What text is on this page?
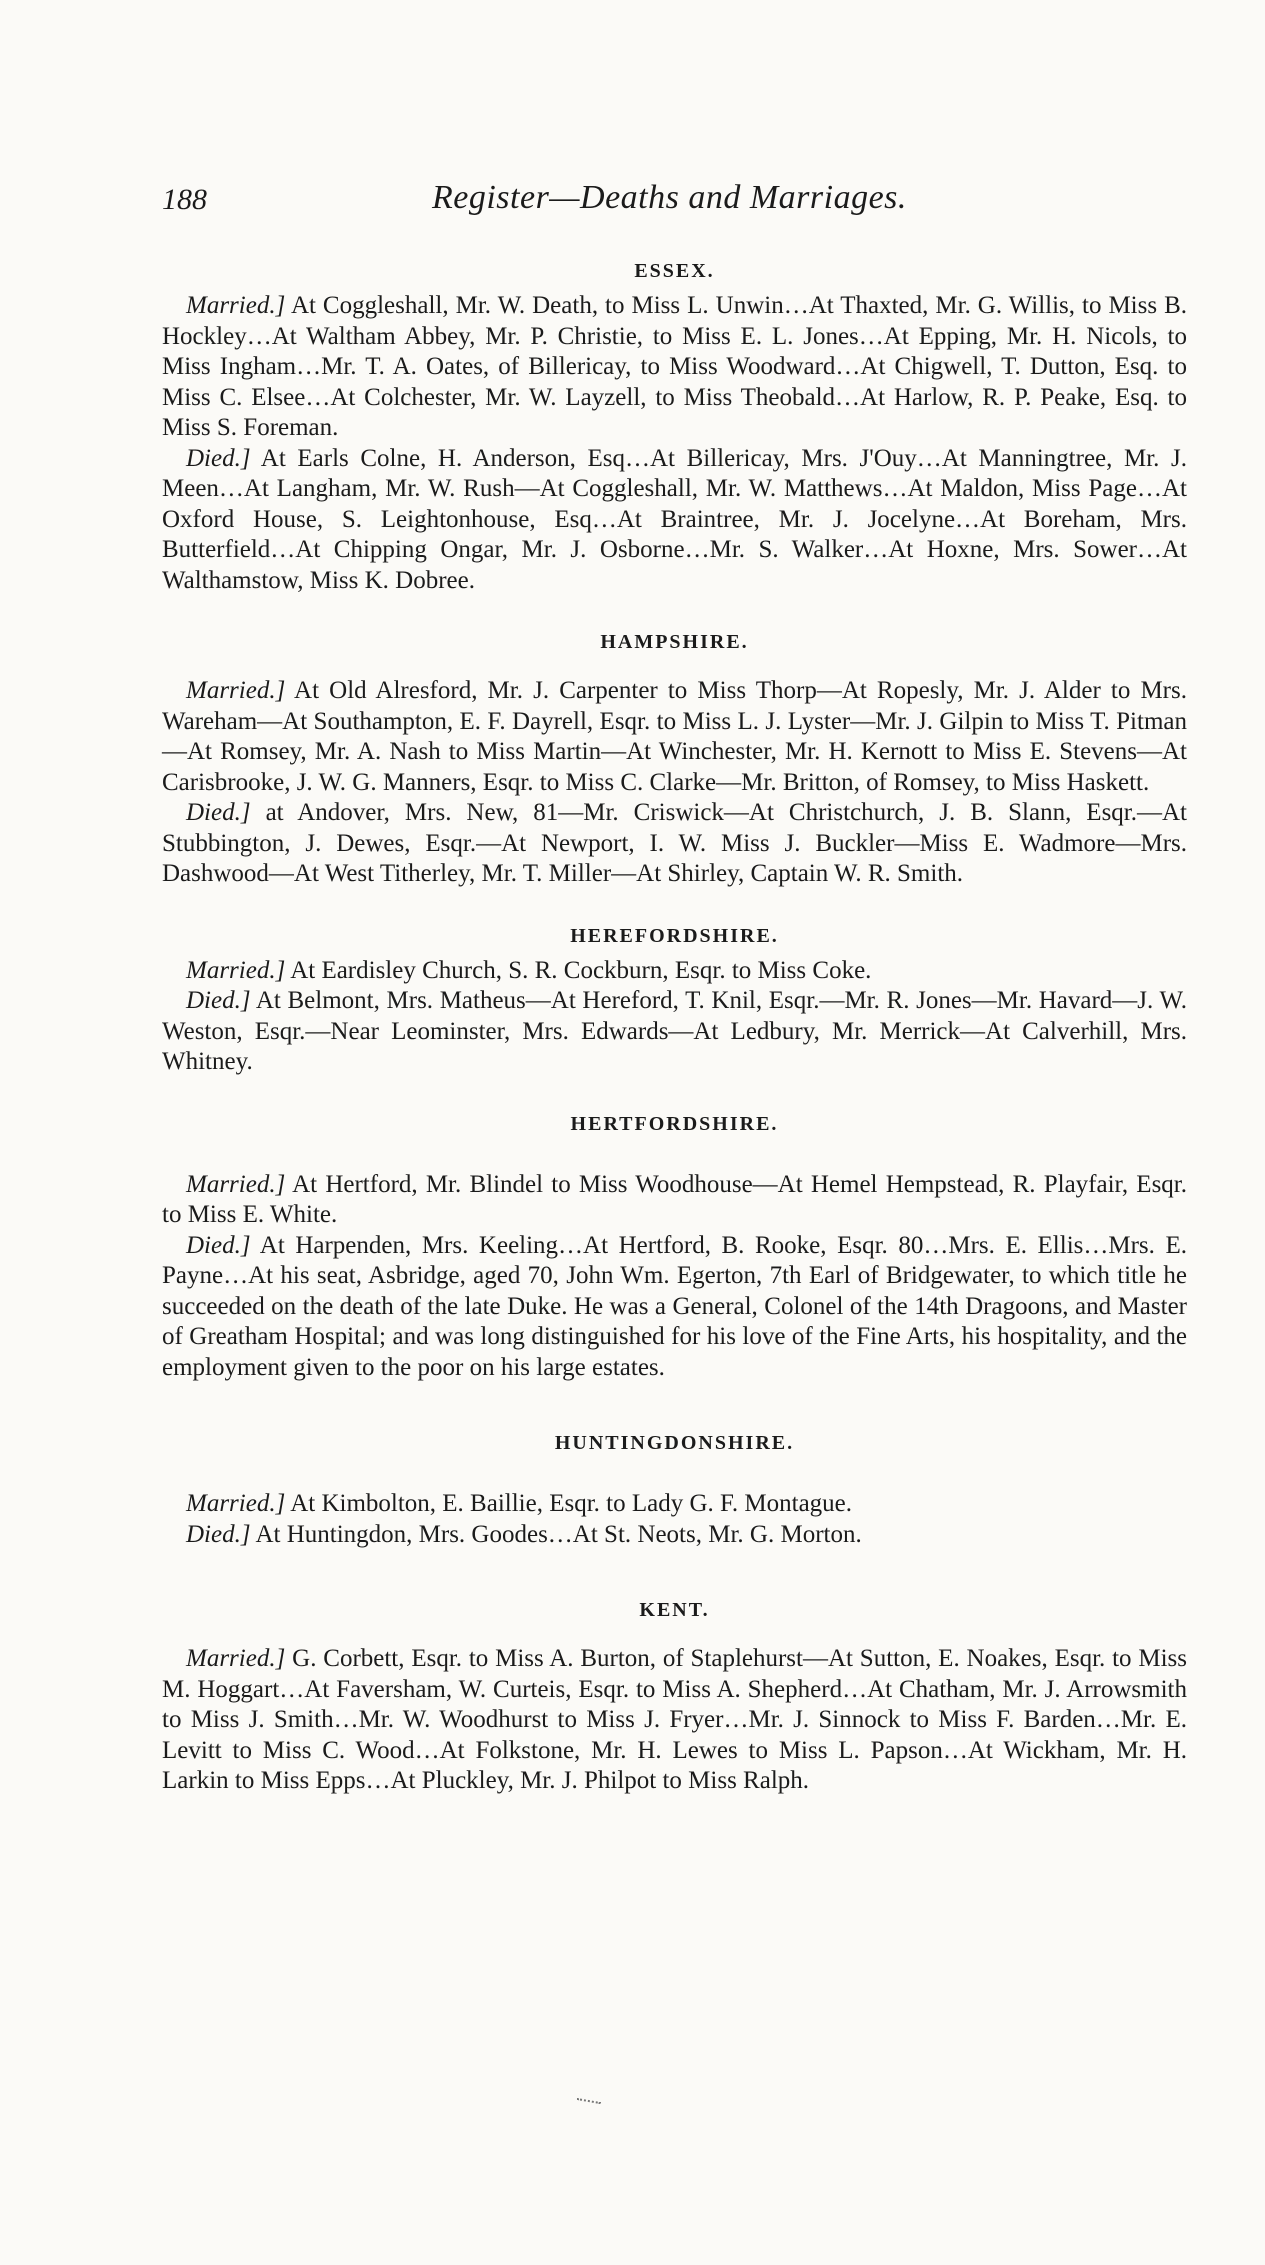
188	Register—Deaths and Marriages.
ESSEX.

Married.] At Coggleshall, Mr. W. Death, to Miss L. Unwin…At Thaxted, Mr. G. Willis, to Miss B. Hockley…At Waltham Abbey, Mr. P. Christie, to Miss E. L. Jones…At Epping, Mr. H. Nicols, to Miss Ingham…Mr. T. A. Oates, of Billericay, to Miss Woodward…At Chigwell, T. Dutton, Esq. to Miss C. Elsee…At Colchester, Mr. W. Layzell, to Miss Theobald…At Harlow, R. P. Peake, Esq. to Miss S. Foreman.

Died.] At Earls Colne, H. Anderson, Esq…At Billericay, Mrs. J'Ouy…At Manningtree, Mr. J. Meen…At Langham, Mr. W. Rush—At Coggleshall, Mr. W. Matthews…At Maldon, Miss Page…At Oxford House, S. Leightonhouse, Esq…At Braintree, Mr. J. Jocelyne…At Boreham, Mrs. Butterfield…At Chipping Ongar, Mr. J. Osborne…Mr. S. Walker…At Hoxne, Mrs. Sower…At Walthamstow, Miss K. Dobree.

HAMPSHIRE.

Married.] At Old Alresford, Mr. J. Carpenter to Miss Thorp—At Ropesly, Mr. J. Alder to Mrs. Wareham—At Southampton, E. F. Dayrell, Esqr. to Miss L. J. Lyster—Mr. J. Gilpin to Miss T. Pitman—At Romsey, Mr. A. Nash to Miss Martin—At Winchester, Mr. H. Kernott to Miss E. Stevens—At Carisbrooke, J. W. G. Manners, Esqr. to Miss C. Clarke—Mr. Britton, of Romsey, to Miss Haskett.

Died.] at Andover, Mrs. New, 81—Mr. Criswick—At Christchurch, J. B. Slann, Esqr.—At Stubbington, J. Dewes, Esqr.—At Newport, I. W. Miss J. Buckler—Miss E. Wadmore—Mrs. Dashwood—At West Titherley, Mr. T. Miller—At Shirley, Captain W. R. Smith.

HEREFORDSHIRE.

Married.] At Eardisley Church, S. R. Cockburn, Esqr. to Miss Coke.

Died.] At Belmont, Mrs. Matheus—At Hereford, T. Knil, Esqr.—Mr. R. Jones—Mr. Havard—J. W. Weston, Esqr.—Near Leominster, Mrs. Edwards—At Ledbury, Mr. Merrick—At Calverhill, Mrs. Whitney.

HERTFORDSHIRE.

Married.] At Hertford, Mr. Blindel to Miss Woodhouse—At Hemel Hempstead, R. Playfair, Esqr. to Miss E. White.

Died.] At Harpenden, Mrs. Keeling…At Hertford, B. Rooke, Esqr. 80…Mrs. E. Ellis…Mrs. E. Payne…At his seat, Asbridge, aged 70, John Wm. Egerton, 7th Earl of Bridgewater, to which title he succeeded on the death of the late Duke. He was a General, Colonel of the 14th Dragoons, and Master of Greatham Hospital; and was long distinguished for his love of the Fine Arts, his hospitality, and the employment given to the poor on his large estates.

HUNTINGDONSHIRE.

Married.] At Kimbolton, E. Baillie, Esqr. to Lady G. F. Montague.

Died.] At Huntingdon, Mrs. Goodes…At St. Neots, Mr. G. Morton.

KENT.

Married.] G. Corbett, Esqr. to Miss A. Burton, of Staplehurst—At Sutton, E. Noakes, Esqr. to Miss M. Hoggart…At Faversham, W. Curteis, Esqr. to Miss A. Shepherd…At Chatham, Mr. J. Arrowsmith to Miss J. Smith…Mr. W. Woodhurst to Miss J. Fryer…Mr. J. Sinnock to Miss F. Barden…Mr. E. Levitt to Miss C. Wood…At Folkstone, Mr. H. Lewes to Miss L. Papson…At Wickham, Mr. H. Larkin to Miss Epps…At Pluckley, Mr. J. Philpot to Miss Ralph.
